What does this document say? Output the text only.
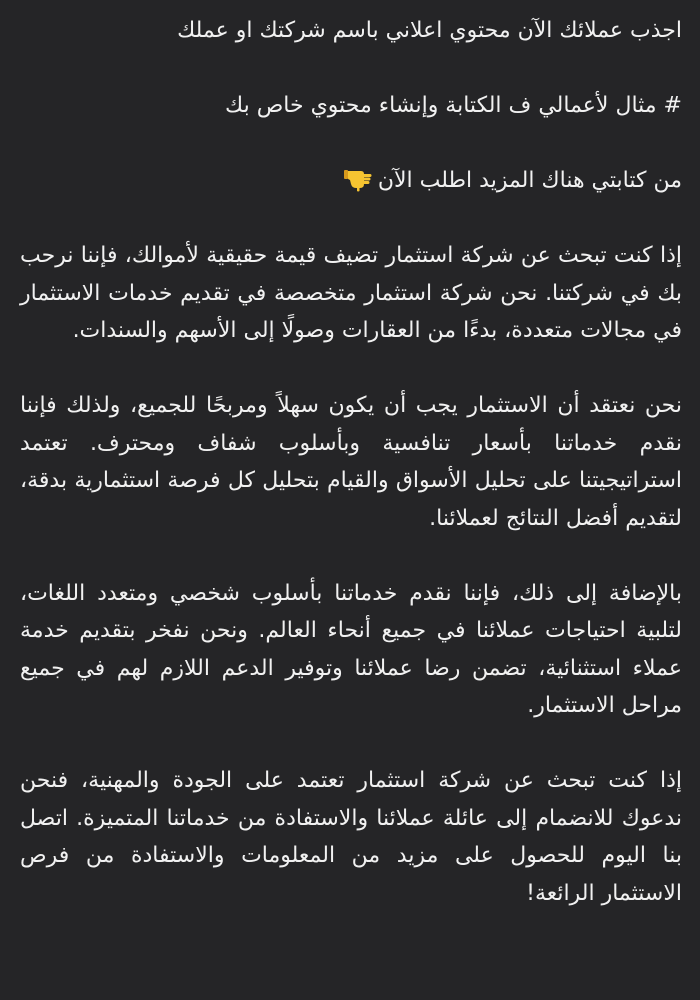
اجذب عملائك الآن محتوي اعلاني باسم شركتك او عملك

# مثال لأعمالي ف الكتابة وإنشاء محتوي خاص بك

من كتابتي هناك المزيد اطلب الآن

إذا كنت تبحث عن شركة استثمار تضيف قيمة حقيقية لأموالك، فإننا نرحب بك في شركتنا. نحن شركة استثمار متخصصة في تقديم خدمات الاستثمار في مجالات متعددة، بدءًا من العقارات وصولًا إلى الأسهم والسندات.

نحن نعتقد أن الاستثمار يجب أن يكون سهلاً ومربحًا للجميع، ولذلك فإننا نقدم خدماتنا بأسعار تنافسية وبأسلوب شفاف ومحترف. تعتمد استراتيجيتنا على تحليل الأسواق والقيام بتحليل كل فرصة استثمارية بدقة، لتقديم أفضل النتائج لعملائنا.

بالإضافة إلى ذلك، فإننا نقدم خدماتنا بأسلوب شخصي ومتعدد اللغات، لتلبية احتياجات عملائنا في جميع أنحاء العالم. ونحن نفخر بتقديم خدمة عملاء استثنائية، تضمن رضا عملائنا وتوفير الدعم اللازم لهم في جميع مراحل الاستثمار.

إذا كنت تبحث عن شركة استثمار تعتمد على الجودة والمهنية، فنحن ندعوك للانضمام إلى عائلة عملائنا والاستفادة من خدماتنا المتميزة. اتصل بنا اليوم للحصول على مزيد من المعلومات والاستفادة من فرص الاستثمار الرائعة!
